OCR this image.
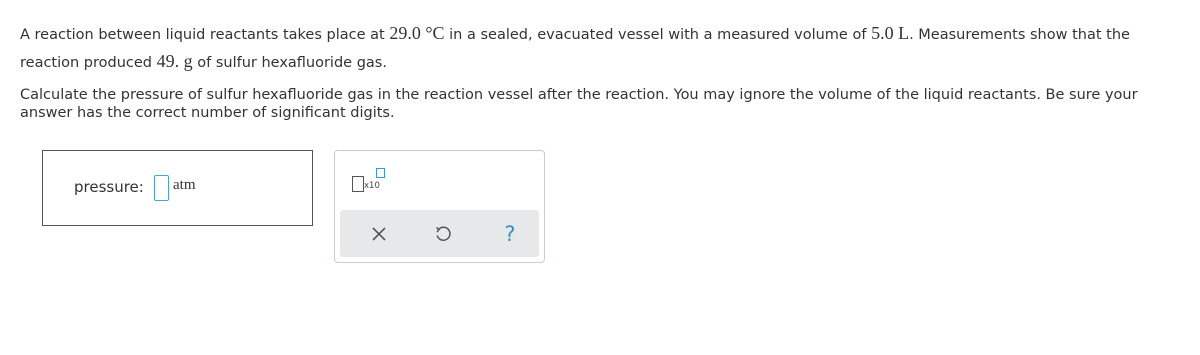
A reaction between liquid reactants takes place at 29.0 °C in a sealed, evacuated vessel with a measured volume of 5.0 L. Measurements show that the reaction produced 49. g of sulfur hexafluoride gas.
Calculate the pressure of sulfur hexafluoride gas in the reaction vessel after the reaction. You may ignore the volume of the liquid reactants. Be sure your answer has the correct number of significant digits.
pressure: atm	x10
?
